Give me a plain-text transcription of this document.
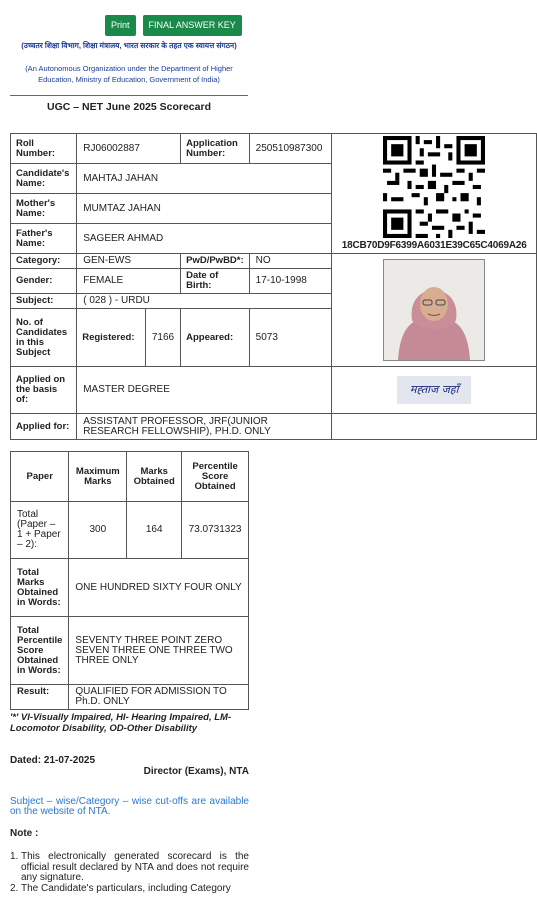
Print	FINAL ANSWER KEY
(उच्चतर शिक्षा विभाग, शिक्षा मंत्रालय, भारत सरकार के तहत एक स्वायत्त संगठन)
(An Autonomous Organization under the Department of Higher Education, Ministry of Education, Government of India)
UGC – NET June 2025 Scorecard
Roll Number:	RJ06002887		Application Number:	250510987300	18CB70D9F6399A6031E39C65C4069A26

Candidate's Name:	MAHTAJ JAHAN				
Mother's Name:	MUMTAZ JAHAN				
Father's Name:	SAGEER AHMAD				
Category:	GEN-EWS		PwD/PwBD*:	NO	

Gender:	FEMALE		Date of Birth:	17-10-1998	
Subject:	( 028 ) - URDU				
No. of Candidates in this Subject	Registered:	7166	Appeared:	5073	
Applied on the basis of:	MASTER DEGREE				मह्ताज जहाँ
Applied for:	ASSISTANT PROFESSOR, JRF(JUNIOR RESEARCH FELLOWSHIP), PH.D. ONLY				
Paper	Maximum Marks	Marks Obtained	Percentile Score Obtained
Total (Paper – 1 + Paper – 2):	300	164	73.0731323
Total Marks Obtained in Words:	ONE HUNDRED SIXTY FOUR ONLY		
Total Percentile Score Obtained in Words:	SEVENTY THREE POINT ZERO SEVEN THREE ONE THREE TWO THREE ONLY		
Result:	QUALIFIED FOR ADMISSION TO Ph.D. ONLY		
'*' VI-Visually Impaired, HI- Hearing Impaired, LM-Locomotor Disability, OD-Other Disability
Dated: 21-07-2025
Director (Exams), NTA
Subject – wise/Category – wise cut-offs are available on the website of NTA.
Note :
1. This electronically generated scorecard is the official result declared by NTA and does not require any signature.
2. The Candidate's particulars, including Category
